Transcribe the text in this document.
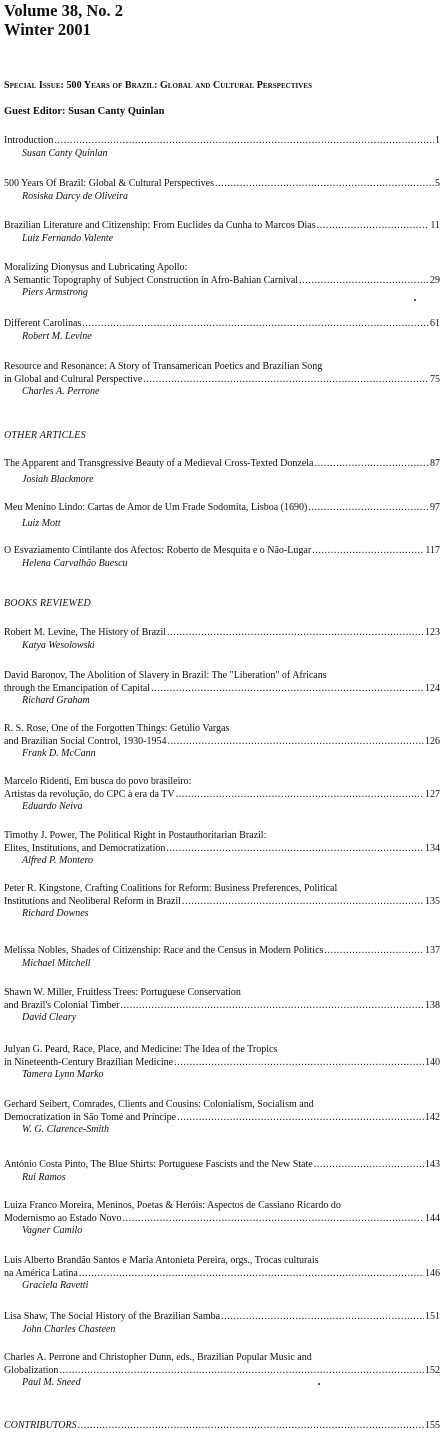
Volume 38, No. 2
Winter 2001
Special Issue: 500 Years of Brazil: Global and Cultural Perspectives
Guest Editor: Susan Canty Quinlan
Introduction .....	1
Susan Canty Quinlan
500 Years Of Brazil: Global & Cultural Perspectives .....	5
Rosiska Darcy de Oliveira
Brazilian Literature and Citizenship: From Euclides da Cunha to Marcos Dias .....	11
Luiz Fernando Valente
Moralizing Dionysus and Lubricating Apollo:
A Semantic Topography of Subject Construction in Afro-Bahian Carnival .....	29
Piers Armstrong
Different Carolinas .....	61
Robert M. Levine
Resource and Resonance: A Story of Transamerican Poetics and Brazilian Song
in Global and Cultural Perspective .....	75
Charles A. Perrone
OTHER ARTICLES
The Apparent and Transgressive Beauty of a Medieval Cross-Texted Donzela .....	87
Josiah Blackmore
Meu Menino Lindo: Cartas de Amor de Um Frade Sodomita, Lisboa (1690) .....	97
Luiz Mott
O Esvaziamento Cintilante dos Afectos: Roberto de Mesquita e o Não-Lugar .....	117
Helena Carvalhão Buescu
BOOKS REVIEWED
Robert M. Levine, The History of Brazil .....	123
Katya Wesolowski
David Baronov, The Abolition of Slavery in Brazil: The "Liberation" of Africans
through the Emancipation of Capital .....	124
Richard Graham
R. S. Rose, One of the Forgotten Things: Getúlio Vargas
and Brazilian Social Control, 1930-1954 .....	126
Frank D. McCann
Marcelo Ridenti, Em busca do povo brasileiro:
Artistas da revolução, do CPC à era da TV .....	127
Eduardo Neiva
Timothy J. Power, The Political Right in Postauthoritarian Brazil:
Elites, Institutions, and Democratization .....	134
Alfred P. Montero
Peter R. Kingstone, Crafting Coalitions for Reform: Business Preferences, Political
Institutions and Neoliberal Reform in Brazil .....	135
Richard Downes
Melissa Nobles, Shades of Citizenship: Race and the Census in Modern Politics .....	137
Michael Mitchell
Shawn W. Miller, Fruitless Trees: Portuguese Conservation
and Brazil's Colonial Timber .....	138
David Cleary
Julyan G. Peard, Race, Place, and Medicine: The Idea of the Tropics
in Nineteenth-Century Brazilian Medicine .....	140
Tamera Lynn Marko
Gerhard Seibert, Comrades, Clients and Cousins: Colonialism, Socialism and
Democratization in São Tomé and Príncipe .....	142
W. G. Clarence-Smith
António Costa Pinto, The Blue Shirts: Portuguese Fascists and the New State .....	143
Rui Ramos
Luiza Franco Moreira, Meninos, Poetas & Heróis: Aspectos de Cassiano Ricardo do
Modernismo ao Estado Novo .....	144
Vagner Camilo
Luis Alberto Brandão Santos e Maria Antonieta Pereira, orgs., Trocas culturais
na América Latina .....	146
Graciela Ravetti
Lisa Shaw, The Social History of the Brazilian Samba .....	151
John Charles Chasteen
Charles A. Perrone and Christopher Dunn, eds., Brazilian Popular Music and
Globalization .....	152
Paul M. Sneed
CONTRIBUTORS .....	155
